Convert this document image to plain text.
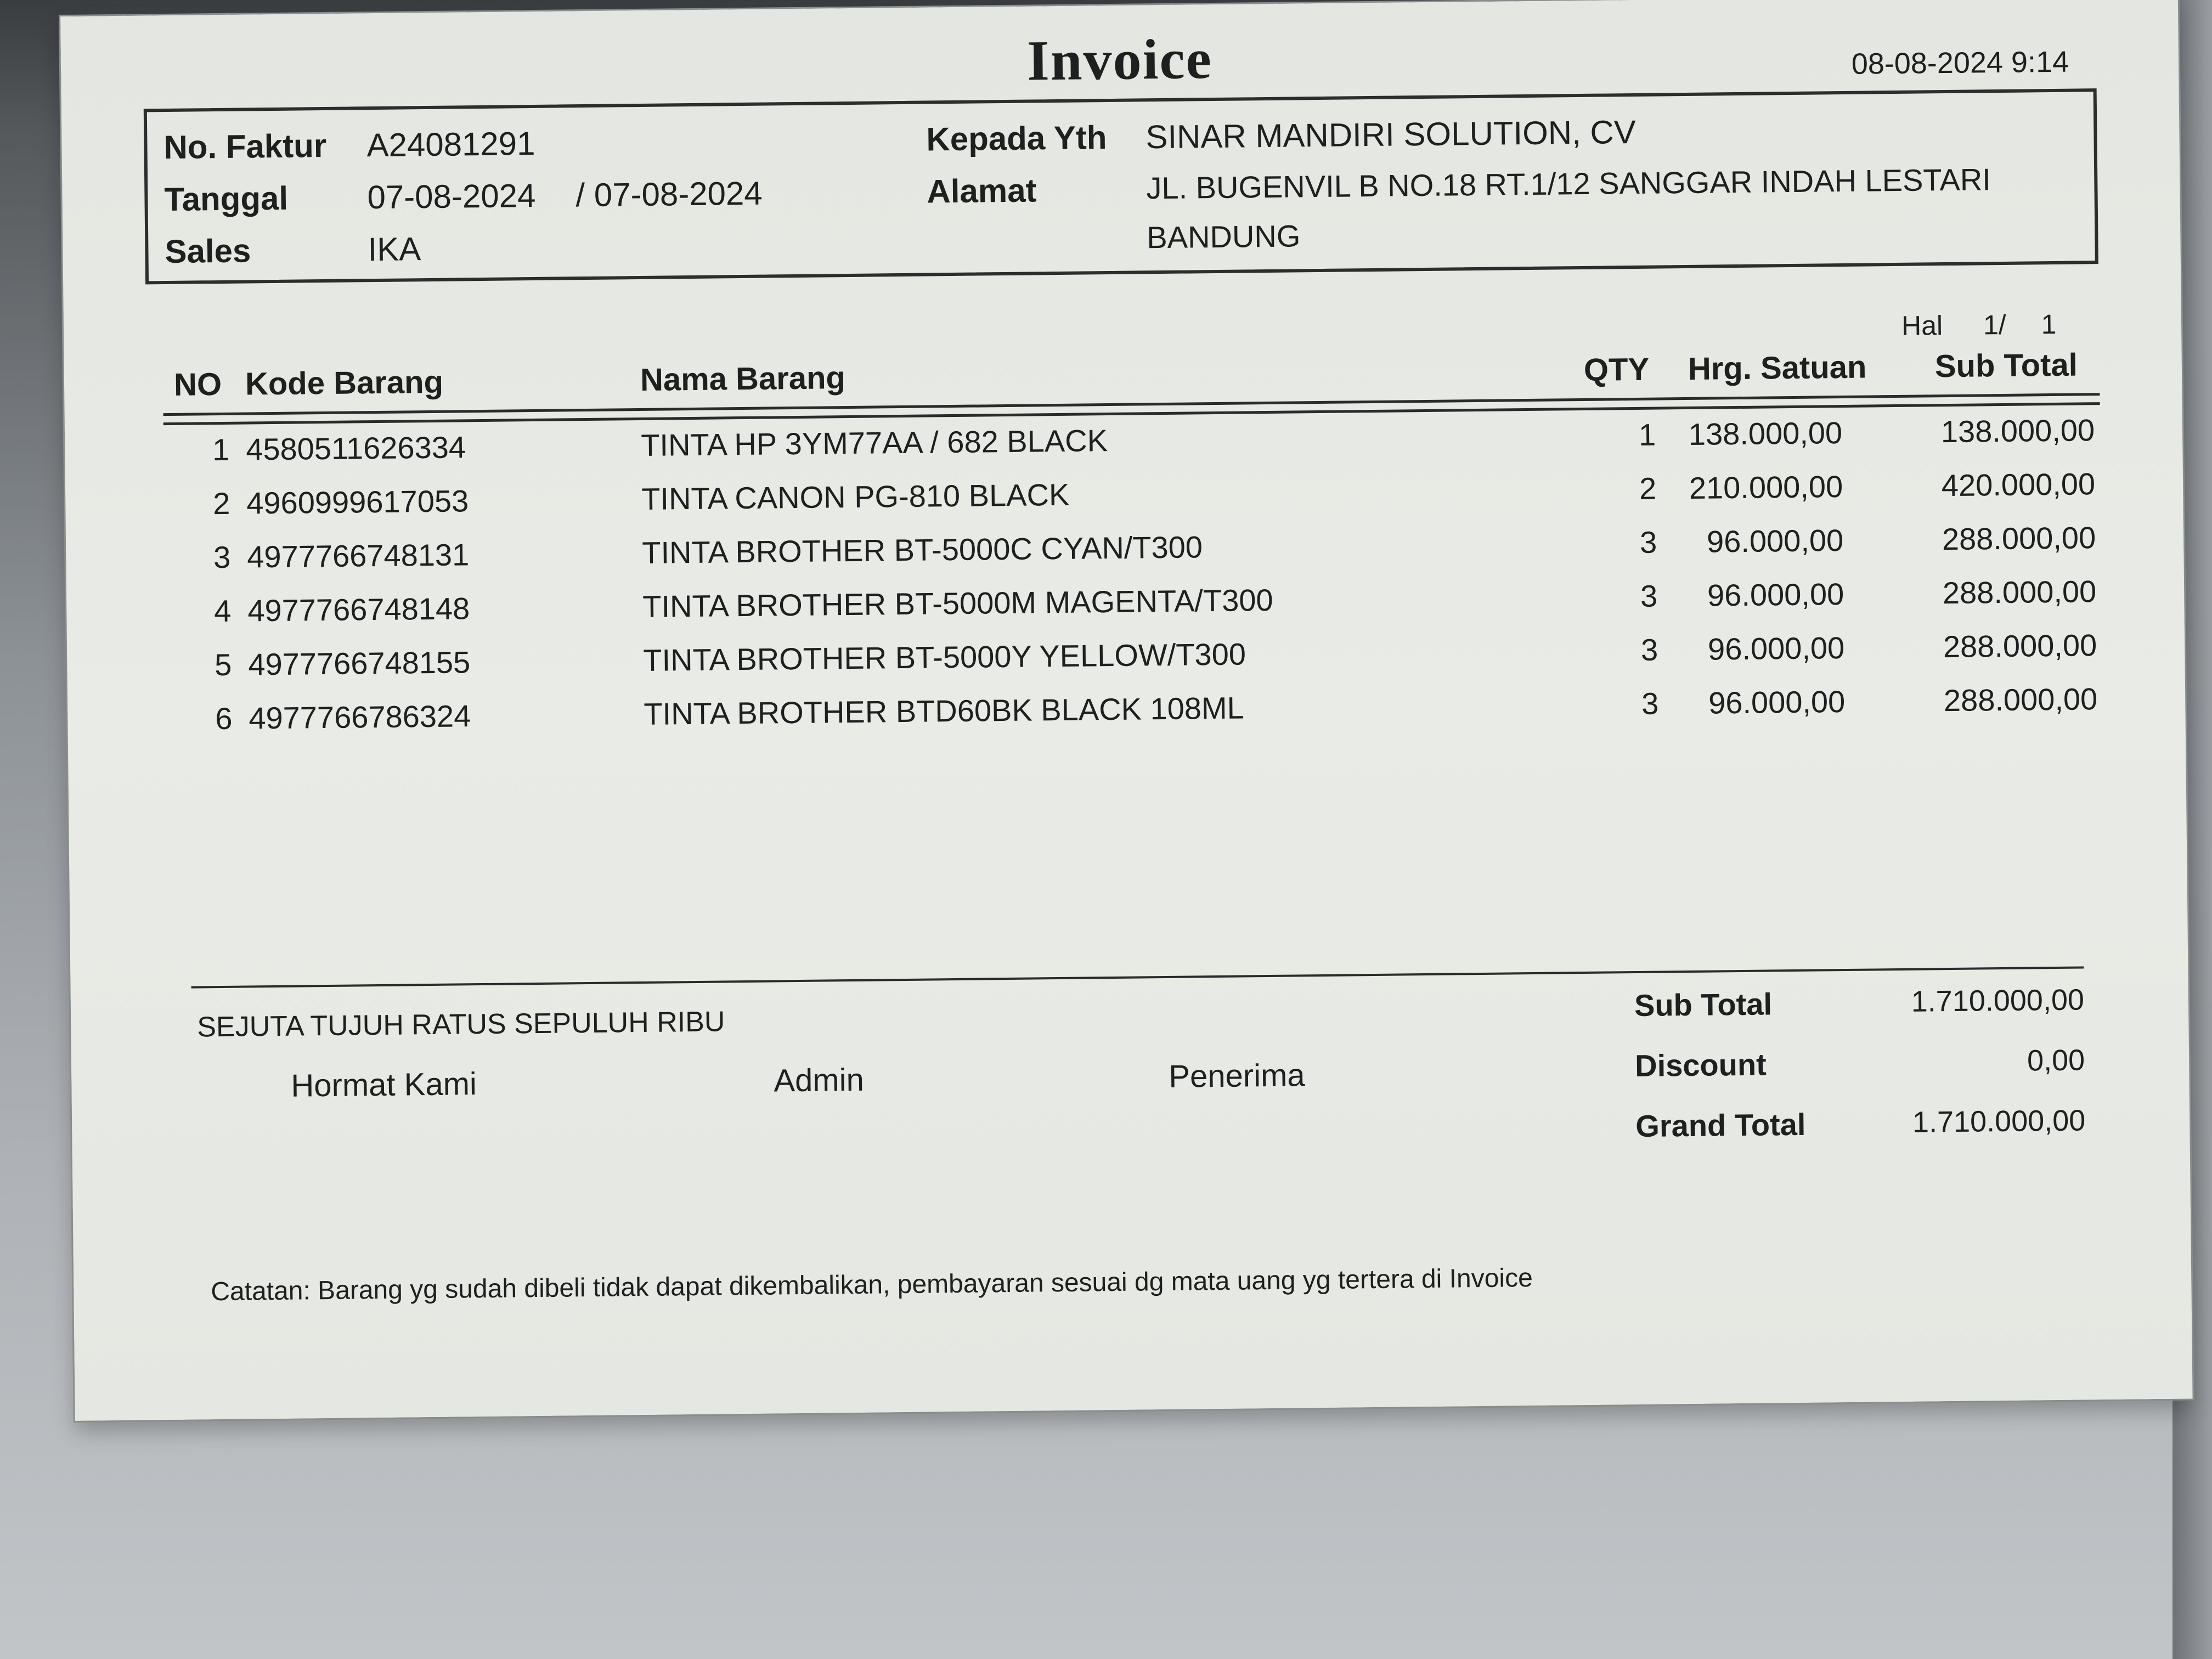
Invoice	08-08-2024 9:14
No. Faktur A24081291
Tanggal 07-08-2024 / 07-08-2024
Sales	IKA
Kepada Yth SINAR MANDIRI SOLUTION, CV
Alamat	JL. BUGENVIL B NO.18 RT.1/12 SANGGAR INDAH LESTARI
BANDUNG
Hal 1/ 1
NO Kode Barang	Nama Barang	QTY Hrg. Satuan Sub Total
1 4580511626334	TINTA HP 3YM77AA / 682 BLACK	1	138.000,00	138.000,00
2 4960999617053	TINTA CANON PG-810 BLACK	2	210.000,00	420.000,00
3 4977766748131	TINTA BROTHER BT-5000C CYAN/T300	3	96.000,00	288.000,00
4 4977766748148	TINTA BROTHER BT-5000M MAGENTA/T300	3	96.000,00	288.000,00
5 4977766748155	TINTA BROTHER BT-5000Y YELLOW/T300	3	96.000,00	288.000,00
6 4977766786324	TINTA BROTHER BTD60BK BLACK 108ML	3	96.000,00	288.000,00
SEJUTA TUJUH RATUS SEPULUH RIBU
Hormat Kami	Admin	Penerima
Sub Total	1.710.000,00
Discount	0,00
Grand Total	1.710.000,00
Catatan: Barang yg sudah dibeli tidak dapat dikembalikan, pembayaran sesuai dg mata uang yg tertera di Invoice
